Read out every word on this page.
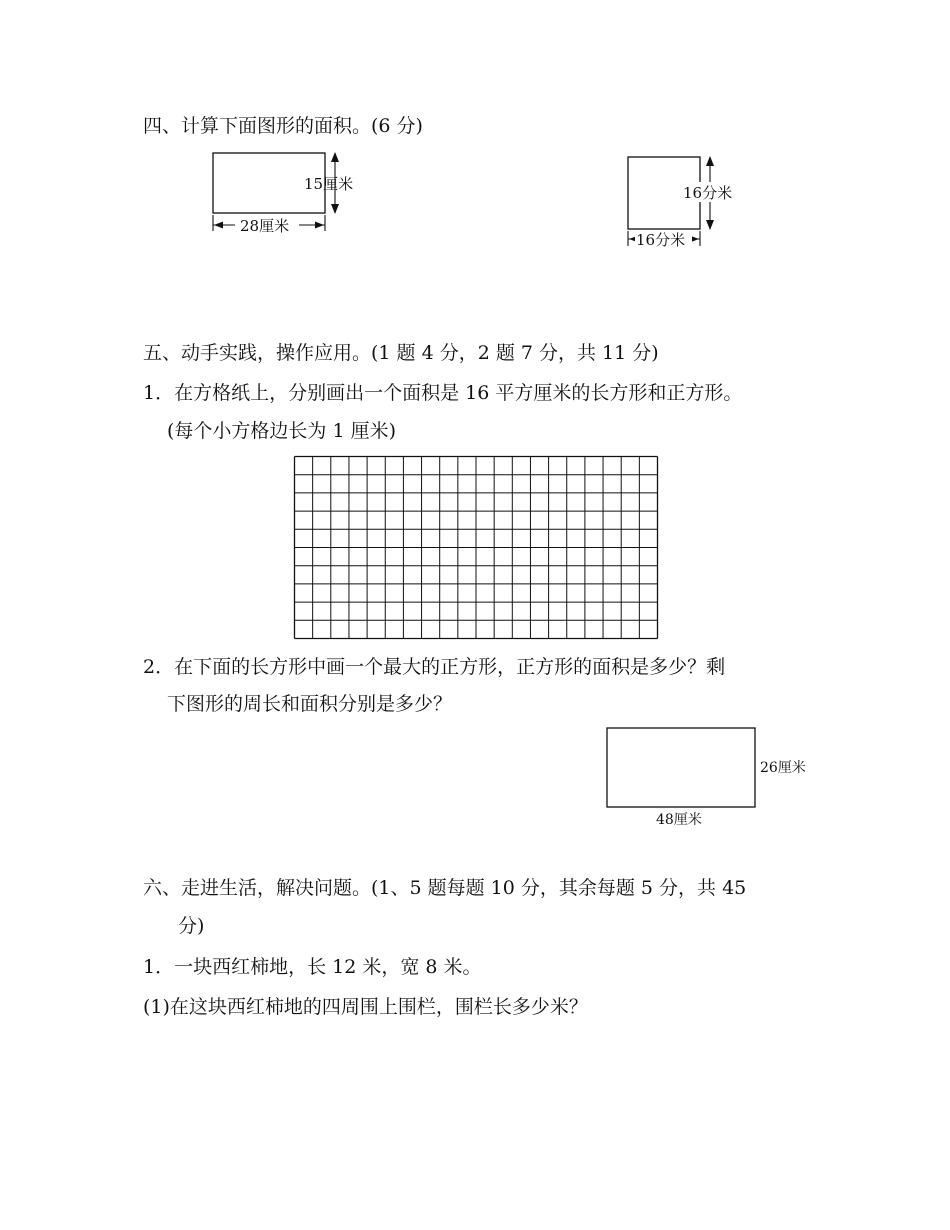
四、计算下面图形的面积。(6 分)
15厘米
28厘米
16分米
16分米
26厘米
48厘米
五、动手实践，操作应用。(1 题 4 分，2 题 7 分，共 11 分)
1．在方格纸上，分别画出一个面积是 16 平方厘米的长方形和正方形。
(每个小方格边长为 1 厘米)
2．在下面的长方形中画一个最大的正方形，正方形的面积是多少？剩
下图形的周长和面积分别是多少？
六、走进生活，解决问题。(1、5 题每题 10 分，其余每题 5 分，共 45
分)
1．一块西红柿地，长 12 米，宽 8 米。
(1)在这块西红柿地的四周围上围栏，围栏长多少米？
